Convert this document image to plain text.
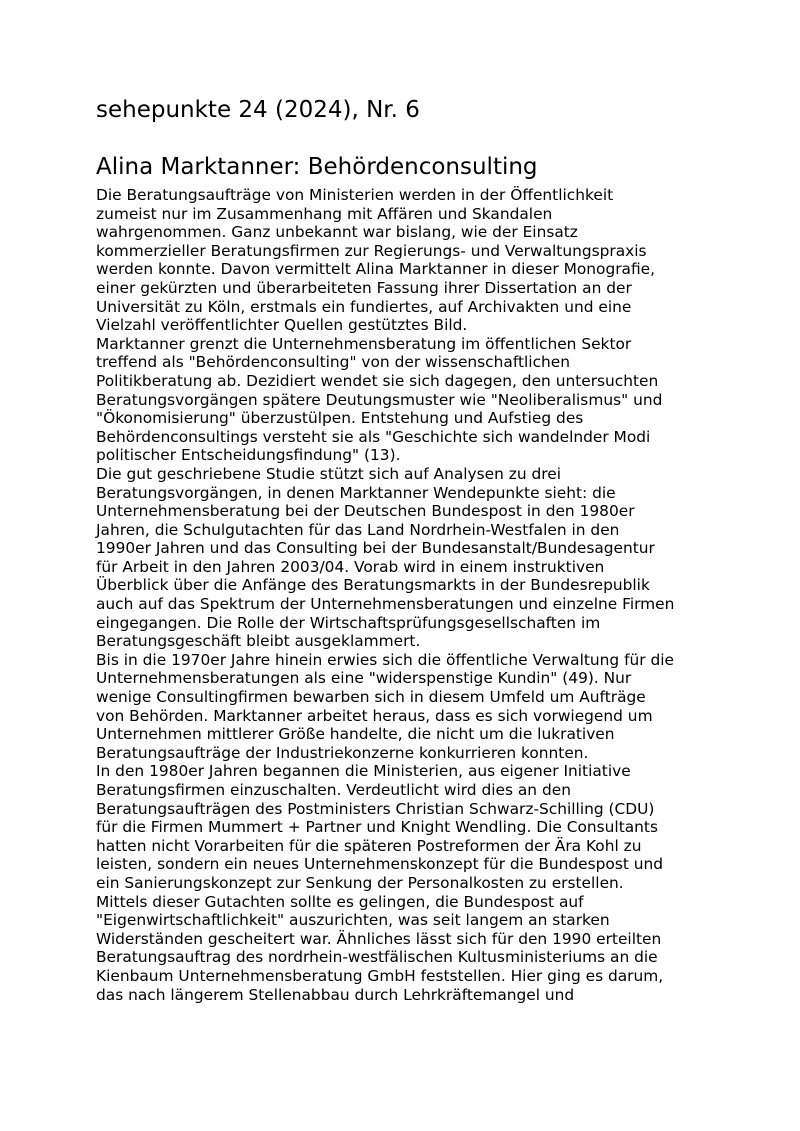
sehepunkte 24 (2024), Nr. 6
Alina Marktanner: Behördenconsulting
Die Beratungsaufträge von Ministerien werden in der Öffentlichkeit
zumeist nur im Zusammenhang mit Affären und Skandalen
wahrgenommen. Ganz unbekannt war bislang, wie der Einsatz
kommerzieller Beratungsfirmen zur Regierungs- und Verwaltungspraxis
werden konnte. Davon vermittelt Alina Marktanner in dieser Monografie,
einer gekürzten und überarbeiteten Fassung ihrer Dissertation an der
Universität zu Köln, erstmals ein fundiertes, auf Archivakten und eine
Vielzahl veröffentlichter Quellen gestütztes Bild.
Marktanner grenzt die Unternehmensberatung im öffentlichen Sektor
treffend als "Behördenconsulting" von der wissenschaftlichen
Politikberatung ab. Dezidiert wendet sie sich dagegen, den untersuchten
Beratungsvorgängen spätere Deutungsmuster wie "Neoliberalismus" und
"Ökonomisierung" überzustülpen. Entstehung und Aufstieg des
Behördenconsultings versteht sie als "Geschichte sich wandelnder Modi
politischer Entscheidungsfindung" (13).
Die gut geschriebene Studie stützt sich auf Analysen zu drei
Beratungsvorgängen, in denen Marktanner Wendepunkte sieht: die
Unternehmensberatung bei der Deutschen Bundespost in den 1980er
Jahren, die Schulgutachten für das Land Nordrhein-Westfalen in den
1990er Jahren und das Consulting bei der Bundesanstalt/Bundesagentur
für Arbeit in den Jahren 2003/04. Vorab wird in einem instruktiven
Überblick über die Anfänge des Beratungsmarkts in der Bundesrepublik
auch auf das Spektrum der Unternehmensberatungen und einzelne Firmen
eingegangen. Die Rolle der Wirtschaftsprüfungsgesellschaften im
Beratungsgeschäft bleibt ausgeklammert.
Bis in die 1970er Jahre hinein erwies sich die öffentliche Verwaltung für die
Unternehmensberatungen als eine "widerspenstige Kundin" (49). Nur
wenige Consultingfirmen bewarben sich in diesem Umfeld um Aufträge
von Behörden. Marktanner arbeitet heraus, dass es sich vorwiegend um
Unternehmen mittlerer Größe handelte, die nicht um die lukrativen
Beratungsaufträge der Industriekonzerne konkurrieren konnten.
In den 1980er Jahren begannen die Ministerien, aus eigener Initiative
Beratungsfirmen einzuschalten. Verdeutlicht wird dies an den
Beratungsaufträgen des Postministers Christian Schwarz-Schilling (CDU)
für die Firmen Mummert + Partner und Knight Wendling. Die Consultants
hatten nicht Vorarbeiten für die späteren Postreformen der Ära Kohl zu
leisten, sondern ein neues Unternehmenskonzept für die Bundespost und
ein Sanierungskonzept zur Senkung der Personalkosten zu erstellen.
Mittels dieser Gutachten sollte es gelingen, die Bundespost auf
"Eigenwirtschaftlichkeit" auszurichten, was seit langem an starken
Widerständen gescheitert war. Ähnliches lässt sich für den 1990 erteilten
Beratungsauftrag des nordrhein-westfälischen Kultusministeriums an die
Kienbaum Unternehmensberatung GmbH feststellen. Hier ging es darum,
das nach längerem Stellenabbau durch Lehrkräftemangel und
